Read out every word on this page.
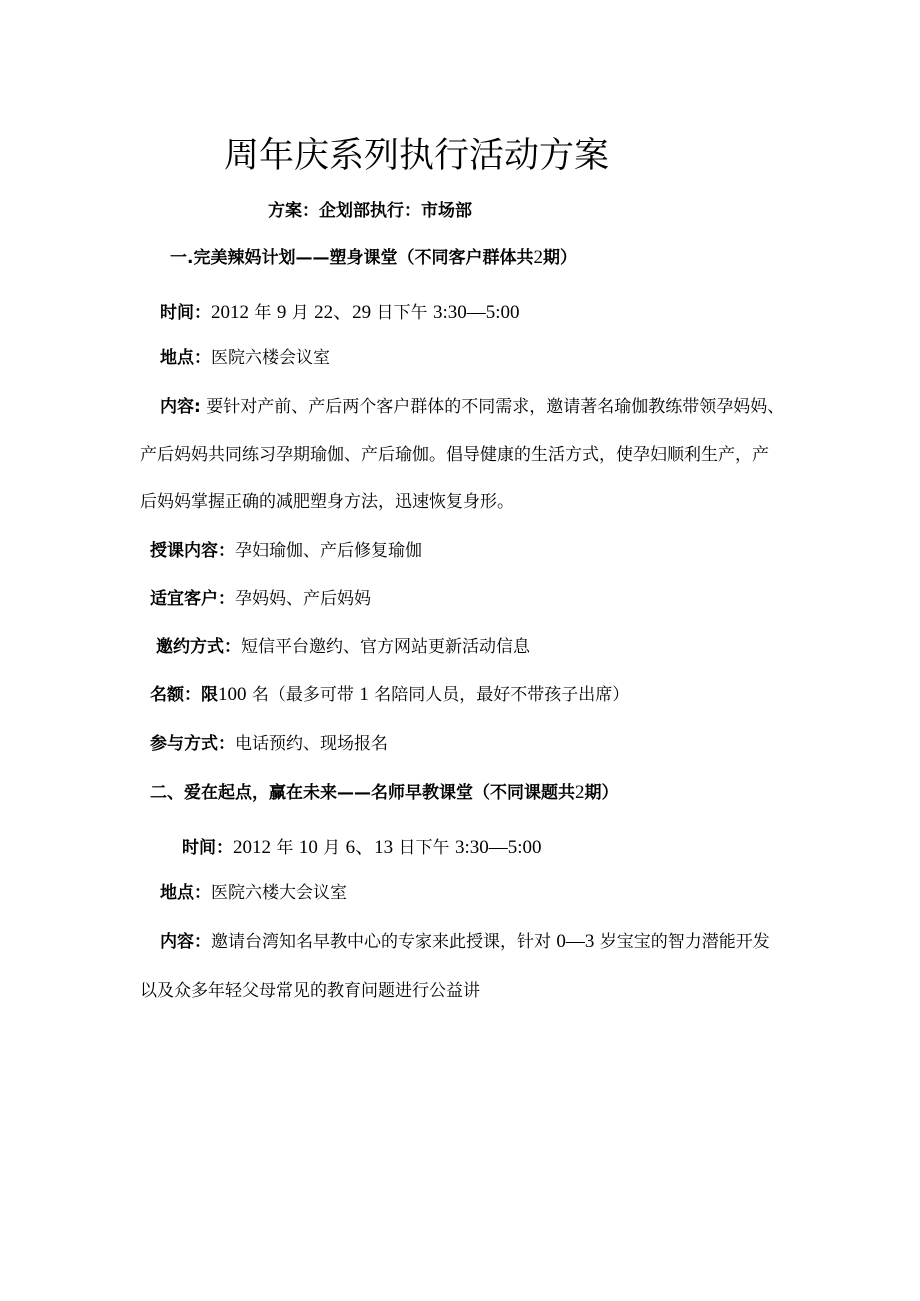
周年庆系列执行活动方案
方案：企划部执行：市场部
一.完美辣妈计划——塑身课堂（不同客户群体共2期）
时间：2012 年 9 月 22、29 日下午 3:30—5:00
地点：医院六楼会议室
内容: 要针对产前、产后两个客户群体的不同需求，邀请著名瑜伽教练带领孕妈妈、
产后妈妈共同练习孕期瑜伽、产后瑜伽。倡导健康的生活方式，使孕妇顺利生产，产
后妈妈掌握正确的减肥塑身方法，迅速恢复身形。
授课内容：孕妇瑜伽、产后修复瑜伽
适宜客户：孕妈妈、产后妈妈
邀约方式：短信平台邀约、官方网站更新活动信息
名额：限100 名（最多可带 1 名陪同人员，最好不带孩子出席）
参与方式：电话预约、现场报名
二、爱在起点，赢在未来——名师早教课堂（不同课题共2期）
时间：2012 年 10 月 6、13 日下午 3:30—5:00
地点：医院六楼大会议室
内容：邀请台湾知名早教中心的专家来此授课，针对 0—3 岁宝宝的智力潜能开发
以及众多年轻父母常见的教育问题进行公益讲
